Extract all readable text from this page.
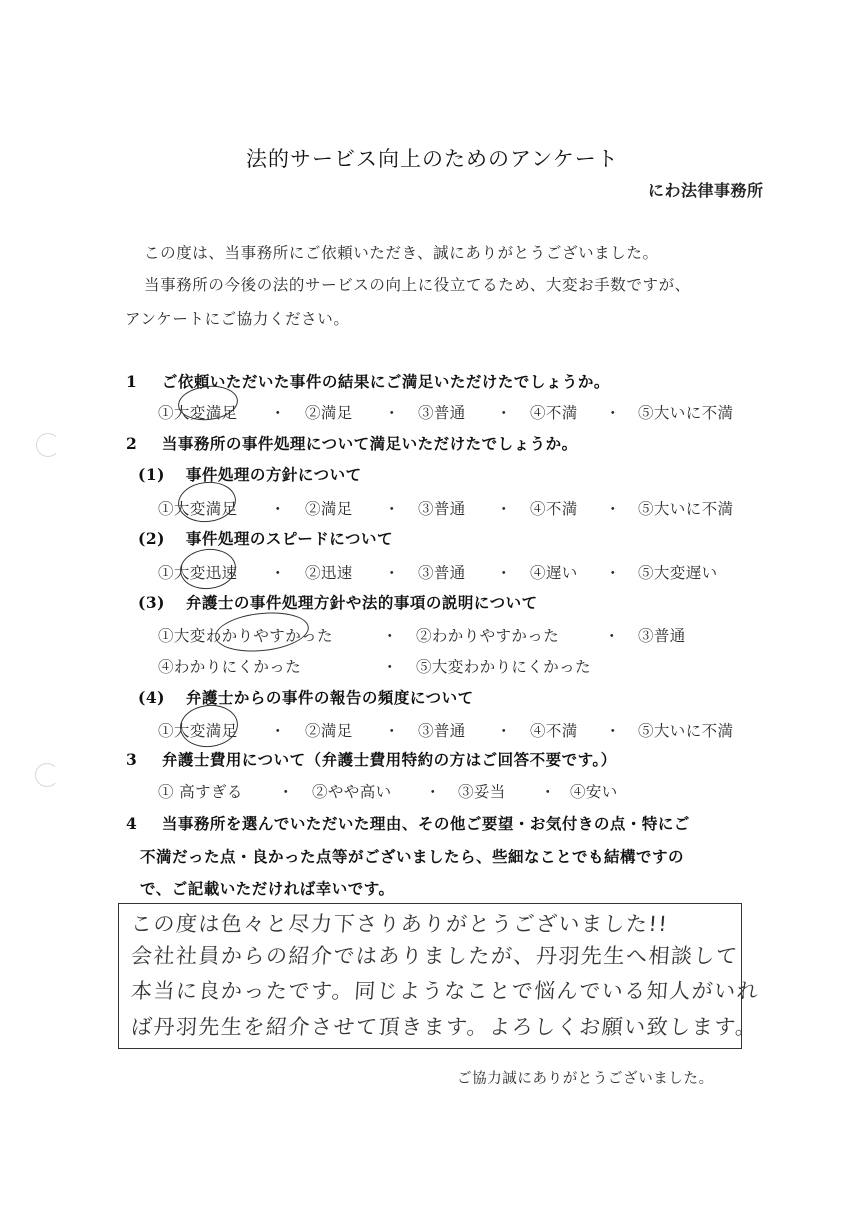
法的サービス向上のためのアンケート
にわ法律事務所
この度は、当事務所にご依頼いただき、誠にありがとうございました。
当事務所の今後の法的サービスの向上に役立てるため、大変お手数ですが、
アンケートにご協力ください。
1 ご依頼いただいた事件の結果にご満足いただけたでしょうか。
①大変満足 ・ ②満足 ・ ③普通 ・ ④不満 ・ ⑤大いに不満
2 当事務所の事件処理について満足いただけたでしょうか。
(1) 事件処理の方針について
①大変満足 ・ ②満足 ・ ③普通 ・ ④不満 ・ ⑤大いに不満
(2) 事件処理のスピードについて
①大変迅速 ・ ②迅速 ・ ③普通 ・ ④遅い ・ ⑤大変遅い
(3) 弁護士の事件処理方針や法的事項の説明について
①大変わかりやすかった	・ ②わかりやすかった	・ ③普通
④わかりにくかった	・ ⑤大変わかりにくかった
(4) 弁護士からの事件の報告の頻度について
①大変満足 ・ ②満足 ・ ③普通 ・ ④不満 ・ ⑤大いに不満
3 弁護士費用について（弁護士費用特約の方はご回答不要です。）
① 高すぎる ・ ②やや高い ・ ③妥当 ・ ④安い
4 当事務所を選んでいただいた理由、その他ご要望・お気付きの点・特にご
不満だった点・良かった点等がございましたら、些細なことでも結構ですの
で、ご記載いただければ幸いです。
この度は色々と尽力下さりありがとうございました!!
会社社員からの紹介ではありましたが、丹羽先生へ相談して
本当に良かったです。同じようなことで悩んでいる知人がいれ
ば丹羽先生を紹介させて頂きます。よろしくお願い致します。
ご協力誠にありがとうございました。
